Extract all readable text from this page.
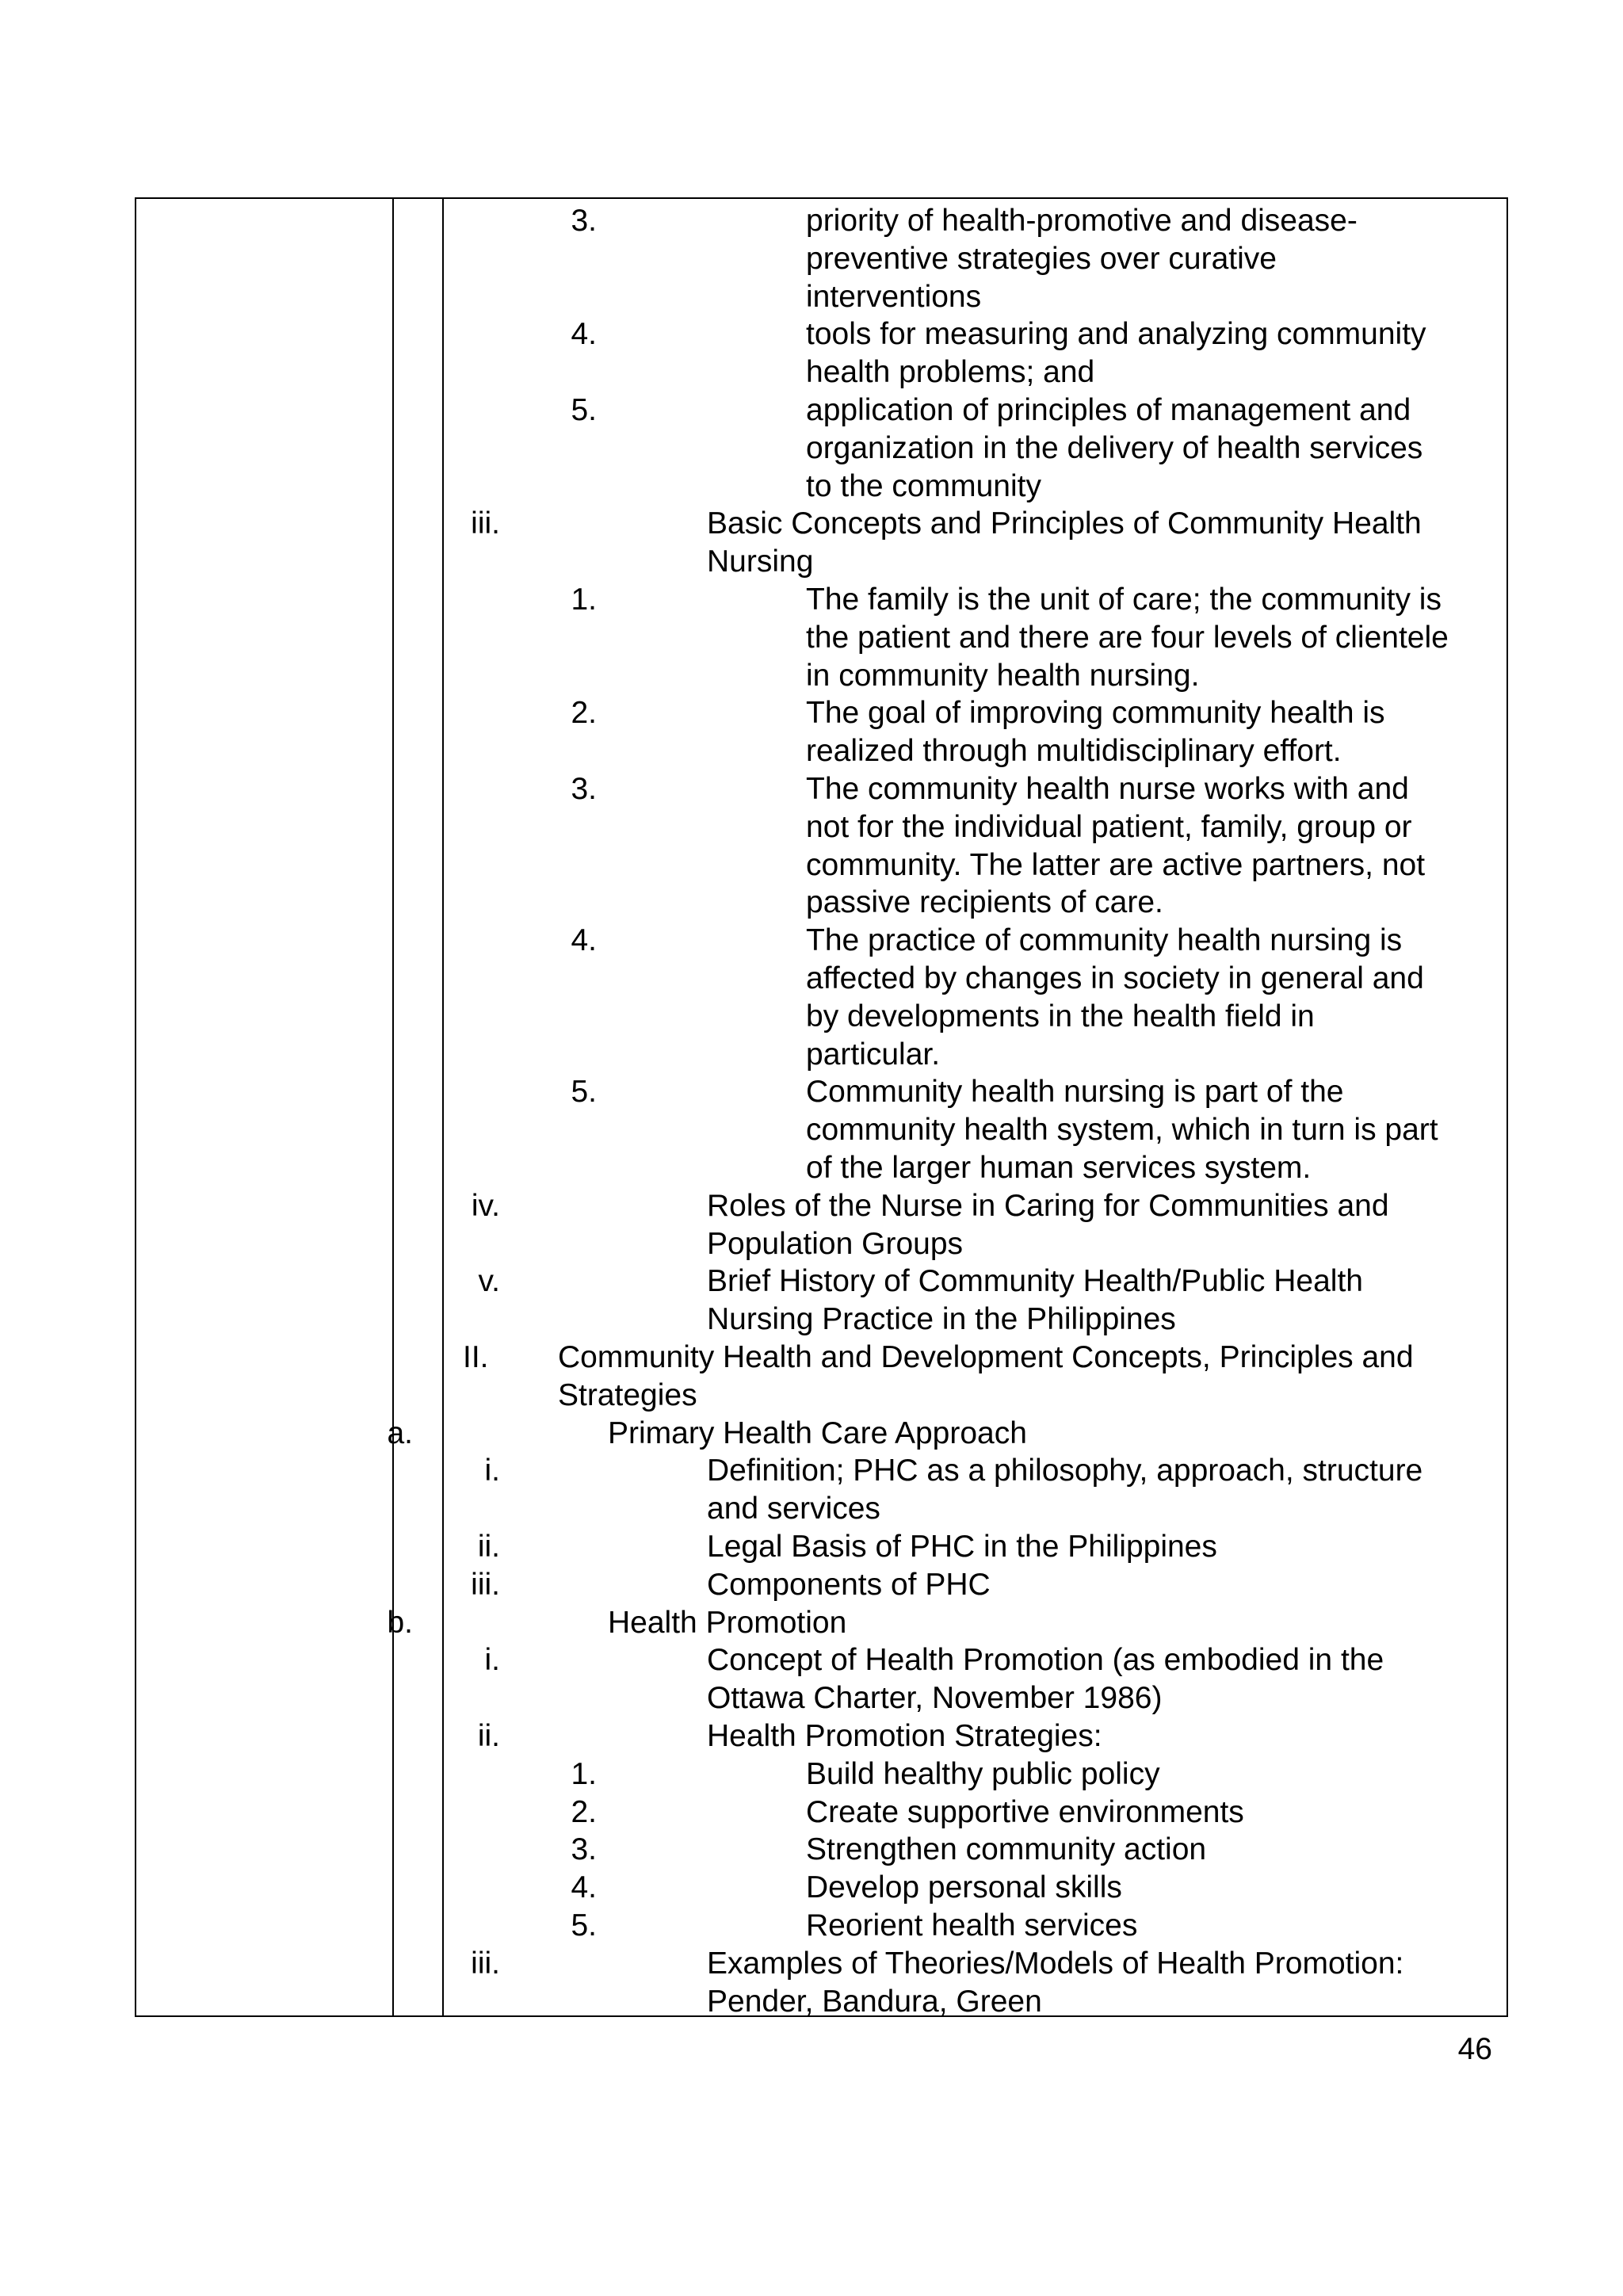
3.	priority of health-promotive and disease-
preventive strategies over curative
interventions
4.	tools for measuring and analyzing community
health problems; and
5.	application of principles of management and
organization in the delivery of health services
to the community
iii.	Basic Concepts and Principles of Community Health
Nursing
1.	The family is the unit of care; the community is
the patient and there are four levels of clientele
in community health nursing.
2.	The goal of improving community health is
realized through multidisciplinary effort.
3.	The community health nurse works with and
not for the individual patient, family, group or
community. The latter are active partners, not
passive recipients of care.
4.	The practice of community health nursing is
affected by changes in society in general and
by developments in the health field in
particular.
5.	Community health nursing is part of the
community health system, which in turn is part
of the larger human services system.
iv.	Roles of the Nurse in Caring for Communities and
Population Groups
v.	Brief History of Community Health/Public Health
Nursing Practice in the Philippines
II. Community Health and Development Concepts, Principles and
Strategies
a.	Primary Health Care Approach
i.	Definition; PHC as a philosophy, approach, structure
and services
ii.	Legal Basis of PHC in the Philippines
iii.	Components of PHC
b.	Health Promotion
i.	Concept of Health Promotion (as embodied in the
Ottawa Charter, November 1986)
ii.	Health Promotion Strategies:
1.	Build healthy public policy
2.	Create supportive environments
3.	Strengthen community action
4.	Develop personal skills
5.	Reorient health services
iii.	Examples of Theories/Models of Health Promotion:
Pender, Bandura, Green
46
